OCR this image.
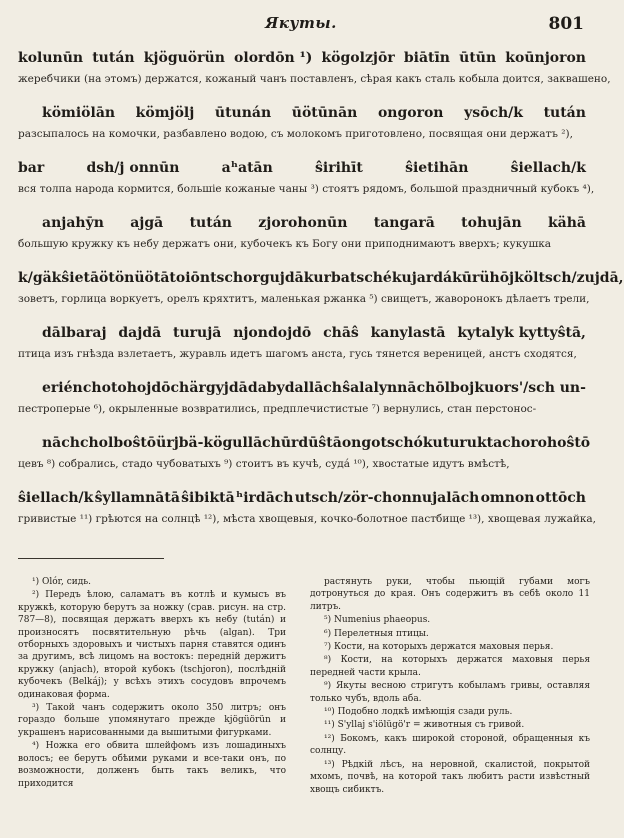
Якуты.	801
kolunūn tután kjöguörün olordōn ¹) kögolzjōr biātīn ūtūn koūnjoron
жеребчики (на этомъ) держатся, кожаный чанъ поставленъ, сѣрая какъ сталь кобыла доится, заквашено,
kömiölān kömjölj ūtunán ūötūnān ongoron ysōch/k tután
разсыпалось на комочки, разбавлено водою, съ молокомъ приготовлено, посвящая они держатъ ²),
bar	dsh/j onnūn	aʰatān	ŝirihīt	ŝietihān	ŝiellach/k
вся толпа народа кормится, большіе кожаные чаны ³) стоятъ рядомъ, большой праздничный кубокъ ⁴),
anjahȳn ajgā tután zjorohonūn tangarā tohujān kähā
большую кружку къ небу держатъ они, кубочекъ къ Богу они приподнимаютъ вверхъ; кукушка
k/gäkŝietā ötön üötā toiōn tschorgujdā kurbatsché kujardá kūrühōj költsch/zujdā,
зоветъ, горлица воркуетъ, орелъ кряхтитъ, маленькая ржанка ⁵) свищетъ, жаворонокъ дѣлаетъ трели,
dālbaraj dajdā turujā njondojdō chāŝ kanylastā kytalyk kyttyŝtā,
птица изъ гнѣзда взлетаетъ, журавль идетъ шагомъ анста, гусь тянется вереницей, анстъ сходятся,
erién chotohojdōch ärgyjdā dabydallāch ŝalalynnā chōlboj kuors'/sch un-
пестроперые ⁶), окрыленные возвратились, предплечистистые ⁷) вернулись, стан перстонос-
nāch cholboŝtō ürjbä-kögullāch ūrdūŝtā ongotschó kuturuktach orohoŝtō
цевъ ⁸) собрались, стадо чубоватыхъ ⁹) стоитъ въ кучѣ, судá ¹⁰), хвостатые идутъ вмѣстѣ,
ŝiellach/k ŝyllamnātā ŝibiktā ʰirdāch utsch/zör-chonnujalāch omnon ottōch
гривистые ¹¹) грѣются на солнцѣ ¹²), мѣста хвощевыя, кочко-болотное пастбище ¹³), хвощевая лужайка,
¹) Olór, сидь.
²) Передъ ѣлою, саламатъ въ котлѣ и кумысъ въ кружкѣ, которую берутъ за ножку (срав. рисун. на стр. 787—8), посвящая держатъ вверхъ къ небу (tután) и произносятъ посвятительную рѣчь (algan). Три отборныхъ здоровыхъ и чистыхъ парня ставятся одинъ за другимъ, всѣ лицомъ на востокъ: передній держитъ кружку (anjach), второй кубокъ (tschjoron), послѣдній кубочекъ (Belkáj); у всѣхъ этихъ сосудовъ впрочемъ одинаковая форма.
³) Такой чанъ содержитъ около 350 литръ; онъ гораздо больше упомянутаго прежде kjögüörün и украшенъ нарисованными да вышитыми фигурками.
⁴) Ножка его обвита шлейфомъ изъ лошадиныхъ волосъ; ее берутъ обѣими руками и все-таки онъ, по возможности, долженъ быть такъ великъ, что приходится
растянуть руки, чтобы пьющій губами могъ дотронуться до края. Онъ содержитъ въ себѣ около 11 литръ.
⁵) Numenius phaeopus.
⁶) Перелетныя птицы.
⁷) Кости, на которыхъ держатся маховыя перья.
⁸) Кости, на которыхъ держатся маховыя перья передней части крыла.
⁹) Якуты весною стригутъ кобыламъ гривы, оставляя только чубъ, вдоль аба.
¹⁰) Подобно лодкѣ имѣющія сзади руль.
¹¹) S'yllaj s'iölügö'r = животныя съ гривой.
¹²) Бокомъ, какъ широкой стороной, обращенныя къ солнцу.
¹³) Рѣдкій лѣсъ, на неровной, скалистой, покрытой мхомъ, почвѣ, на которой такъ любитъ расти извѣстный хвощъ сибиктъ.
